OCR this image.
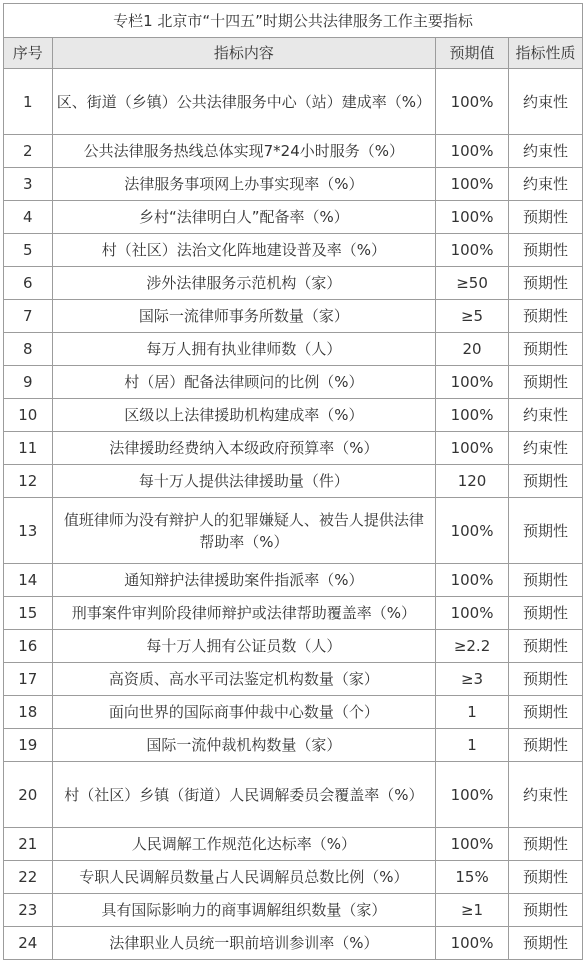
专栏1 北京市“十四五”时期公共法律服务工作主要指标			
序号	指标内容	预期值	指标性质
1	区、街道（乡镇）公共法律服务中心（站）建成率（%）	100%	约束性
2	公共法律服务热线总体实现7*24小时服务（%）	100%	约束性
3	法律服务事项网上办事实现率（%）	100%	约束性
4	乡村“法律明白人”配备率（%）	100%	预期性
5	村（社区）法治文化阵地建设普及率（%）	100%	预期性
6	涉外法律服务示范机构（家）	≥50	预期性
7	国际一流律师事务所数量（家）	≥5	预期性
8	每万人拥有执业律师数（人）	20	预期性
9	村（居）配备法律顾问的比例（%）	100%	预期性
10	区级以上法律援助机构建成率（%）	100%	约束性
11	法律援助经费纳入本级政府预算率（%）	100%	约束性
12	每十万人提供法律援助量（件）	120	预期性
13	值班律师为没有辩护人的犯罪嫌疑人、被告人提供法律帮助率（%）	100%	预期性
14	通知辩护法律援助案件指派率（%）	100%	预期性
15	刑事案件审判阶段律师辩护或法律帮助覆盖率（%）	100%	预期性
16	每十万人拥有公证员数（人）	≥2.2	预期性
17	高资质、高水平司法鉴定机构数量（家）	≥3	预期性
18	面向世界的国际商事仲裁中心数量（个）	1	预期性
19	国际一流仲裁机构数量（家）	1	预期性
20	村（社区）乡镇（街道）人民调解委员会覆盖率（%）	100%	约束性
21	人民调解工作规范化达标率（%）	100%	预期性
22	专职人民调解员数量占人民调解员总数比例（%）	15%	预期性
23	具有国际影响力的商事调解组织数量（家）	≥1	预期性
24	法律职业人员统一职前培训参训率（%）	100%	预期性
